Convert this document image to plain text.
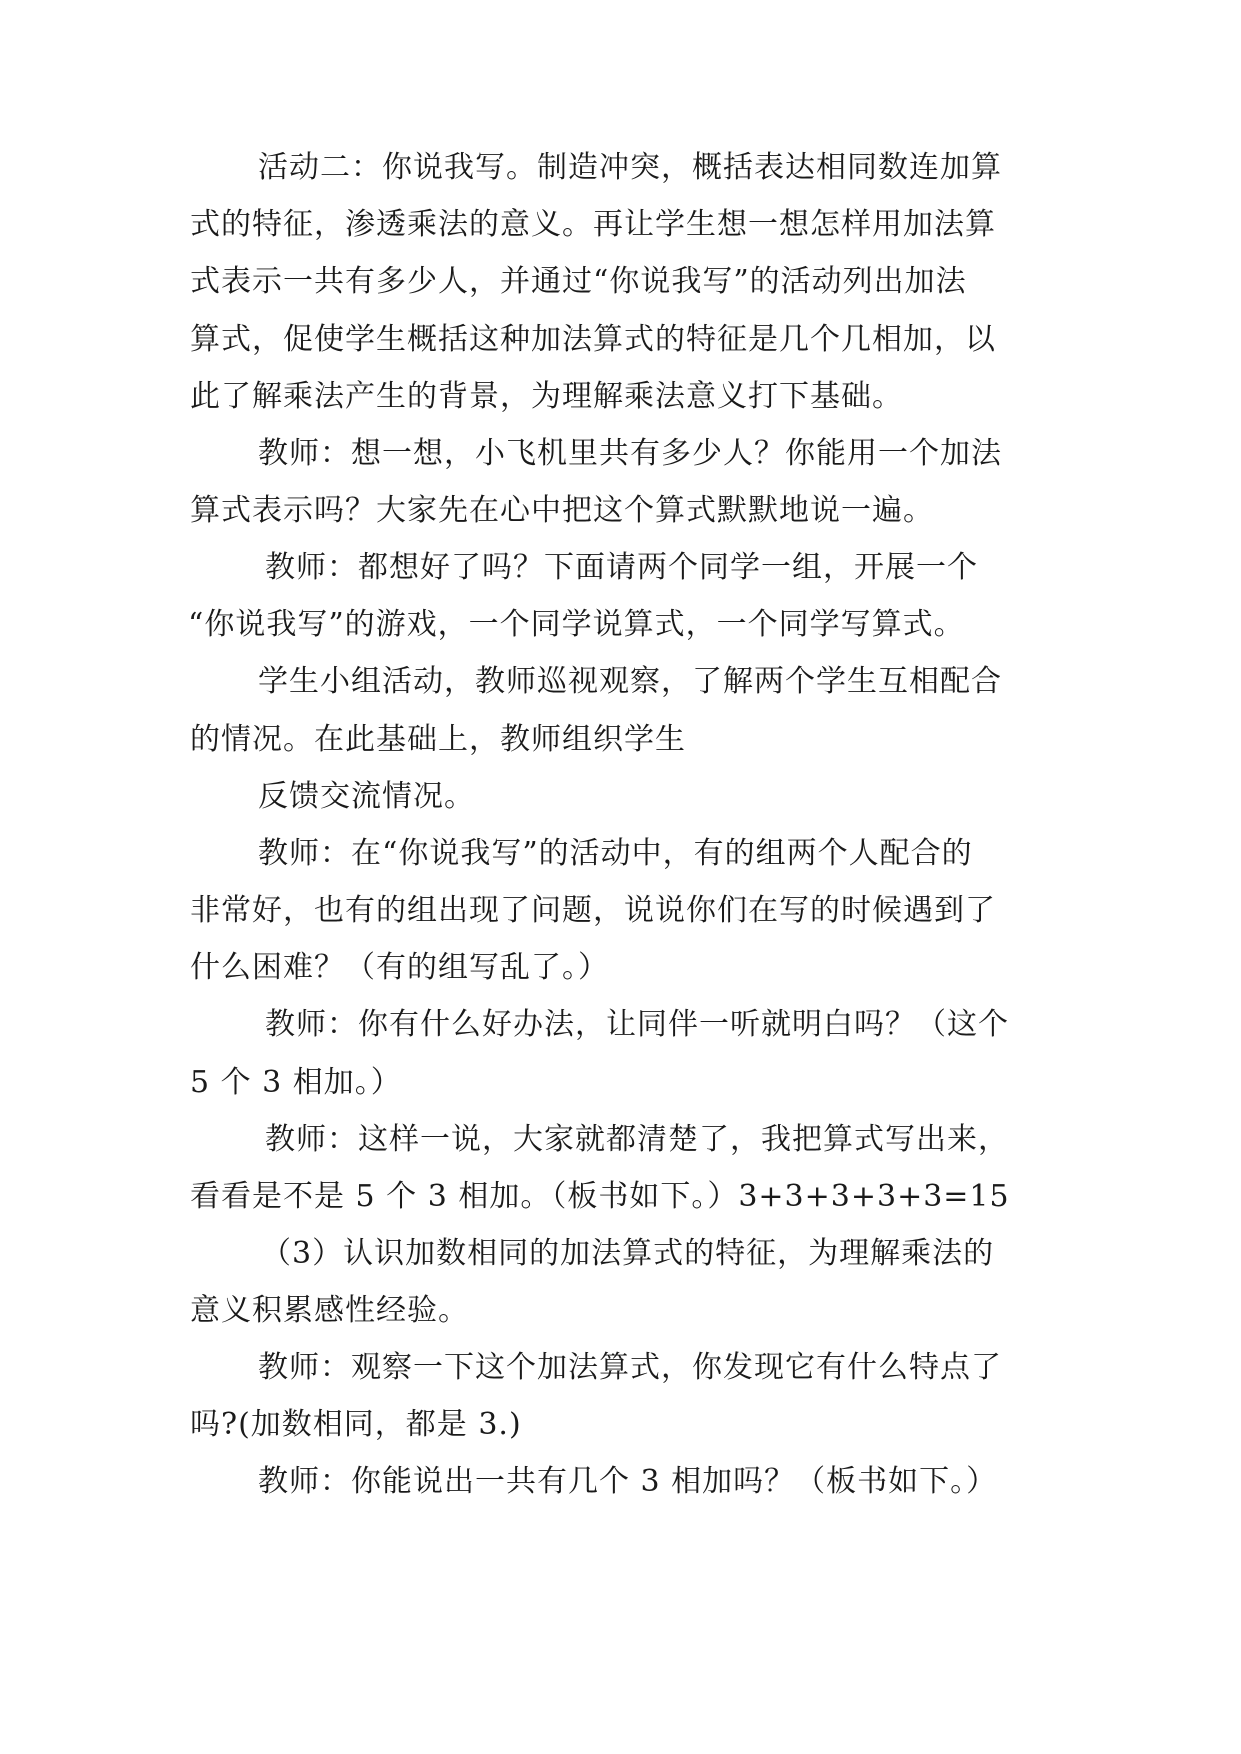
活动二：你说我写。制造冲突，概括表达相同数连加算
式的特征，渗透乘法的意义。再让学生想一想怎样用加法算
式表示一共有多少人，并通过“你说我写”的活动列出加法
算式，促使学生概括这种加法算式的特征是几个几相加，以
此了解乘法产生的背景，为理解乘法意义打下基础。
教师：想一想，小飞机里共有多少人？你能用一个加法
算式表示吗？大家先在心中把这个算式默默地说一遍。
教师：都想好了吗？下面请两个同学一组，开展一个
“你说我写”的游戏，一个同学说算式，一个同学写算式。
学生小组活动，教师巡视观察，了解两个学生互相配合
的情况。在此基础上，教师组织学生
反馈交流情况。
教师：在“你说我写”的活动中，有的组两个人配合的
非常好，也有的组出现了问题，说说你们在写的时候遇到了
什么困难？（有的组写乱了。）
教师：你有什么好办法，让同伴一听就明白吗？（这个
5 个 3 相加。）
教师：这样一说，大家就都清楚了，我把算式写出来，
看看是不是 5 个 3 相加。（板书如下。）3+3+3+3+3=15
（3）认识加数相同的加法算式的特征，为理解乘法的
意义积累感性经验。
教师：观察一下这个加法算式，你发现它有什么特点了
吗?(加数相同，都是 3.)
教师：你能说出一共有几个 3 相加吗？（板书如下。）
